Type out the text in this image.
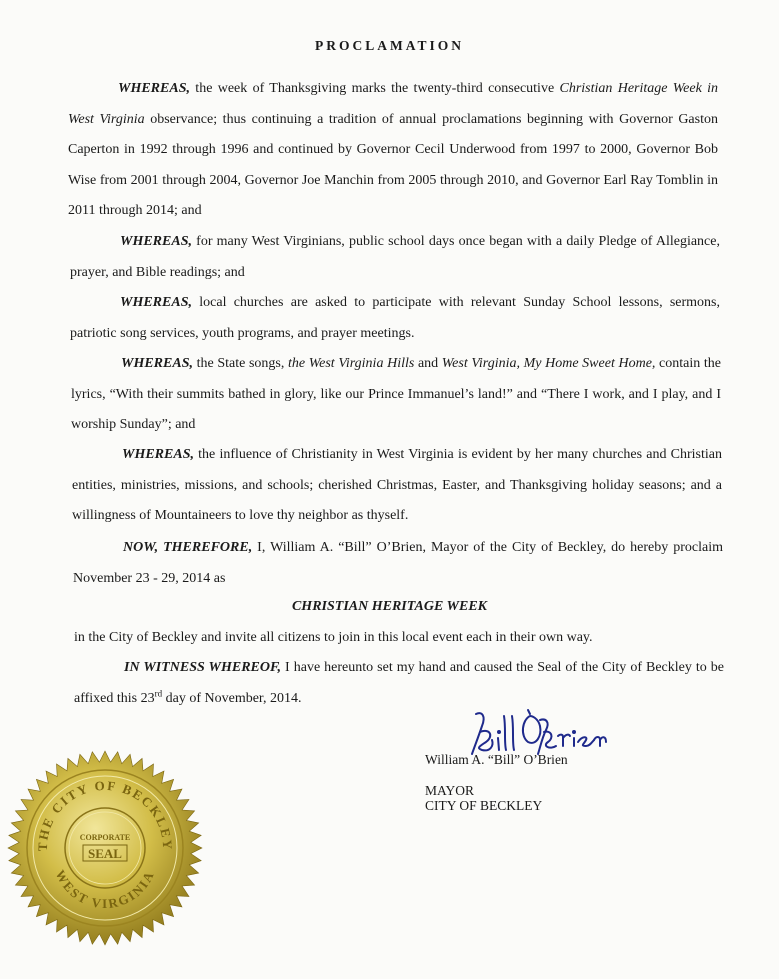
PROCLAMATION
WHEREAS, the week of Thanksgiving marks the twenty-third consecutive Christian Heritage Week in West Virginia observance; thus continuing a tradition of annual proclamations beginning with Governor Gaston Caperton in 1992 through 1996 and continued by Governor Cecil Underwood from 1997 to 2000, Governor Bob Wise from 2001 through 2004, Governor Joe Manchin from 2005 through 2010, and Governor Earl Ray Tomblin in 2011 through 2014; and
WHEREAS, for many West Virginians, public school days once began with a daily Pledge of Allegiance, prayer, and Bible readings; and
WHEREAS, local churches are asked to participate with relevant Sunday School lessons, sermons, patriotic song services, youth programs, and prayer meetings.
WHEREAS, the State songs, the West Virginia Hills and West Virginia, My Home Sweet Home, contain the lyrics, “With their summits bathed in glory, like our Prince Immanuel’s land!” and “There I work, and I play, and I worship Sunday”; and
WHEREAS, the influence of Christianity in West Virginia is evident by her many churches and Christian entities, ministries, missions, and schools; cherished Christmas, Easter, and Thanksgiving holiday seasons; and a willingness of Mountaineers to love thy neighbor as thyself.
NOW, THEREFORE, I, William A. “Bill” O’Brien, Mayor of the City of Beckley, do hereby proclaim November 23 - 29, 2014 as
CHRISTIAN HERITAGE WEEK
in the City of Beckley and invite all citizens to join in this local event each in their own way.
IN WITNESS WHEREOF, I have hereunto set my hand and caused the Seal of the City of Beckley to be affixed this 23rd day of November, 2014.
William A. “Bill” O’Brien
MAYOR
CITY OF BECKLEY
THE CITY OF BECKLEY
WEST VIRGINIA
CORPORATE
SEAL
